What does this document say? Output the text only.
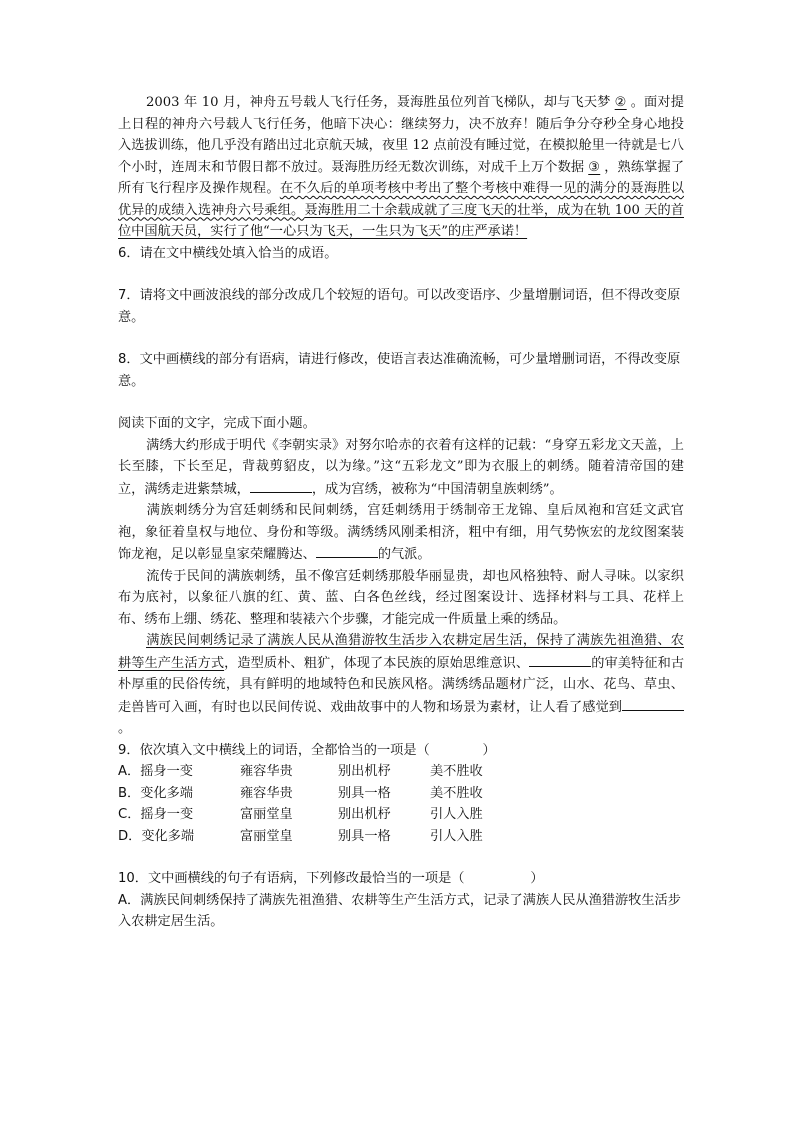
2003 年 10 月，神舟五号载人飞行任务，聂海胜虽位列首飞梯队，却与飞天梦 ② 。面对提上日程的神舟六号载人飞行任务，他暗下决心：继续努力，决不放弃！随后争分夺秒全身心地投入选拔训练，他几乎没有踏出过北京航天城，夜里 12 点前没有睡过觉，在模拟舱里一待就是七八个小时，连周末和节假日都不放过。聂海胜历经无数次训练，对成千上万个数据 ③ ，熟练掌握了所有飞行程序及操作规程。在不久后的单项考核中考出了整个考核中难得一见的满分的聂海胜以优异的成绩入选神舟六号乘组。聂海胜用二十余载成就了三度飞天的壮举，成为在轨 100 天的首位中国航天员，实行了他“一心只为飞天，一生只为飞天”的庄严承诺！

6．请在文中横线处填入恰当的成语。

7．请将文中画波浪线的部分改成几个较短的语句。可以改变语序、少量增删词语，但不得改变原意。

8．文中画横线的部分有语病，请进行修改，使语言表达准确流畅，可少量增删词语，不得改变原意。

阅读下面的文字，完成下面小题。

满绣大约形成于明代《李朝实录》对努尔哈赤的衣着有这样的记载：“身穿五彩龙文天盖，上长至膝，下长至足，背裁剪貂皮，以为缘。”这“五彩龙文”即为衣服上的刺绣。随着清帝国的建立，满绣走进紫禁城，	，成为宫绣，被称为“中国清朝皇族刺绣”。

满族刺绣分为宫廷刺绣和民间刺绣，宫廷刺绣用于绣制帝王龙锦、皇后凤袍和宫廷文武官袍，象征着皇权与地位、身份和等级。满绣绣风刚柔相济，粗中有细，用气势恢宏的龙纹图案装饰龙袍，足以彰显皇家荣耀腾达、	的气派。

流传于民间的满族刺绣，虽不像宫廷刺绣那般华丽显贵，却也风格独特、耐人寻味。以家织布为底衬，以象征八旗的红、黄、蓝、白各色丝线，经过图案设计、选择材料与工具、花样上布、绣布上绷、绣花、整理和装裱六个步骤，才能完成一件质量上乘的绣品。

满族民间刺绣记录了满族人民从渔猎游牧生活步入农耕定居生活，保持了满族先祖渔猎、农耕等生产生活方式，造型质朴、粗犷，体现了本民族的原始思维意识、	的审美特征和古朴厚重的民俗传统，具有鲜明的地域特色和民族风格。满绣绣品题材广泛，山水、花鸟、草虫、走兽皆可入画，有时也以民间传说、戏曲故事中的人物和场景为素材，让人看了感觉到。

9．依次填入文中横线上的词语，全都恰当的一项是（　　　　）

A．摇身一变	雍容华贵	别出机杼	美不胜收
B．变化多端	雍容华贵	别具一格	美不胜收
C．摇身一变	富丽堂皇	别出机杼	引人入胜
D．变化多端	富丽堂皇	别具一格	引人入胜

10．文中画横线的句子有语病，下列修改最恰当的一项是（　　　　　）

A．满族民间刺绣保持了满族先祖渔猎、农耕等生产生活方式，记录了满族人民从渔猎游牧生活步入农耕定居生活。
